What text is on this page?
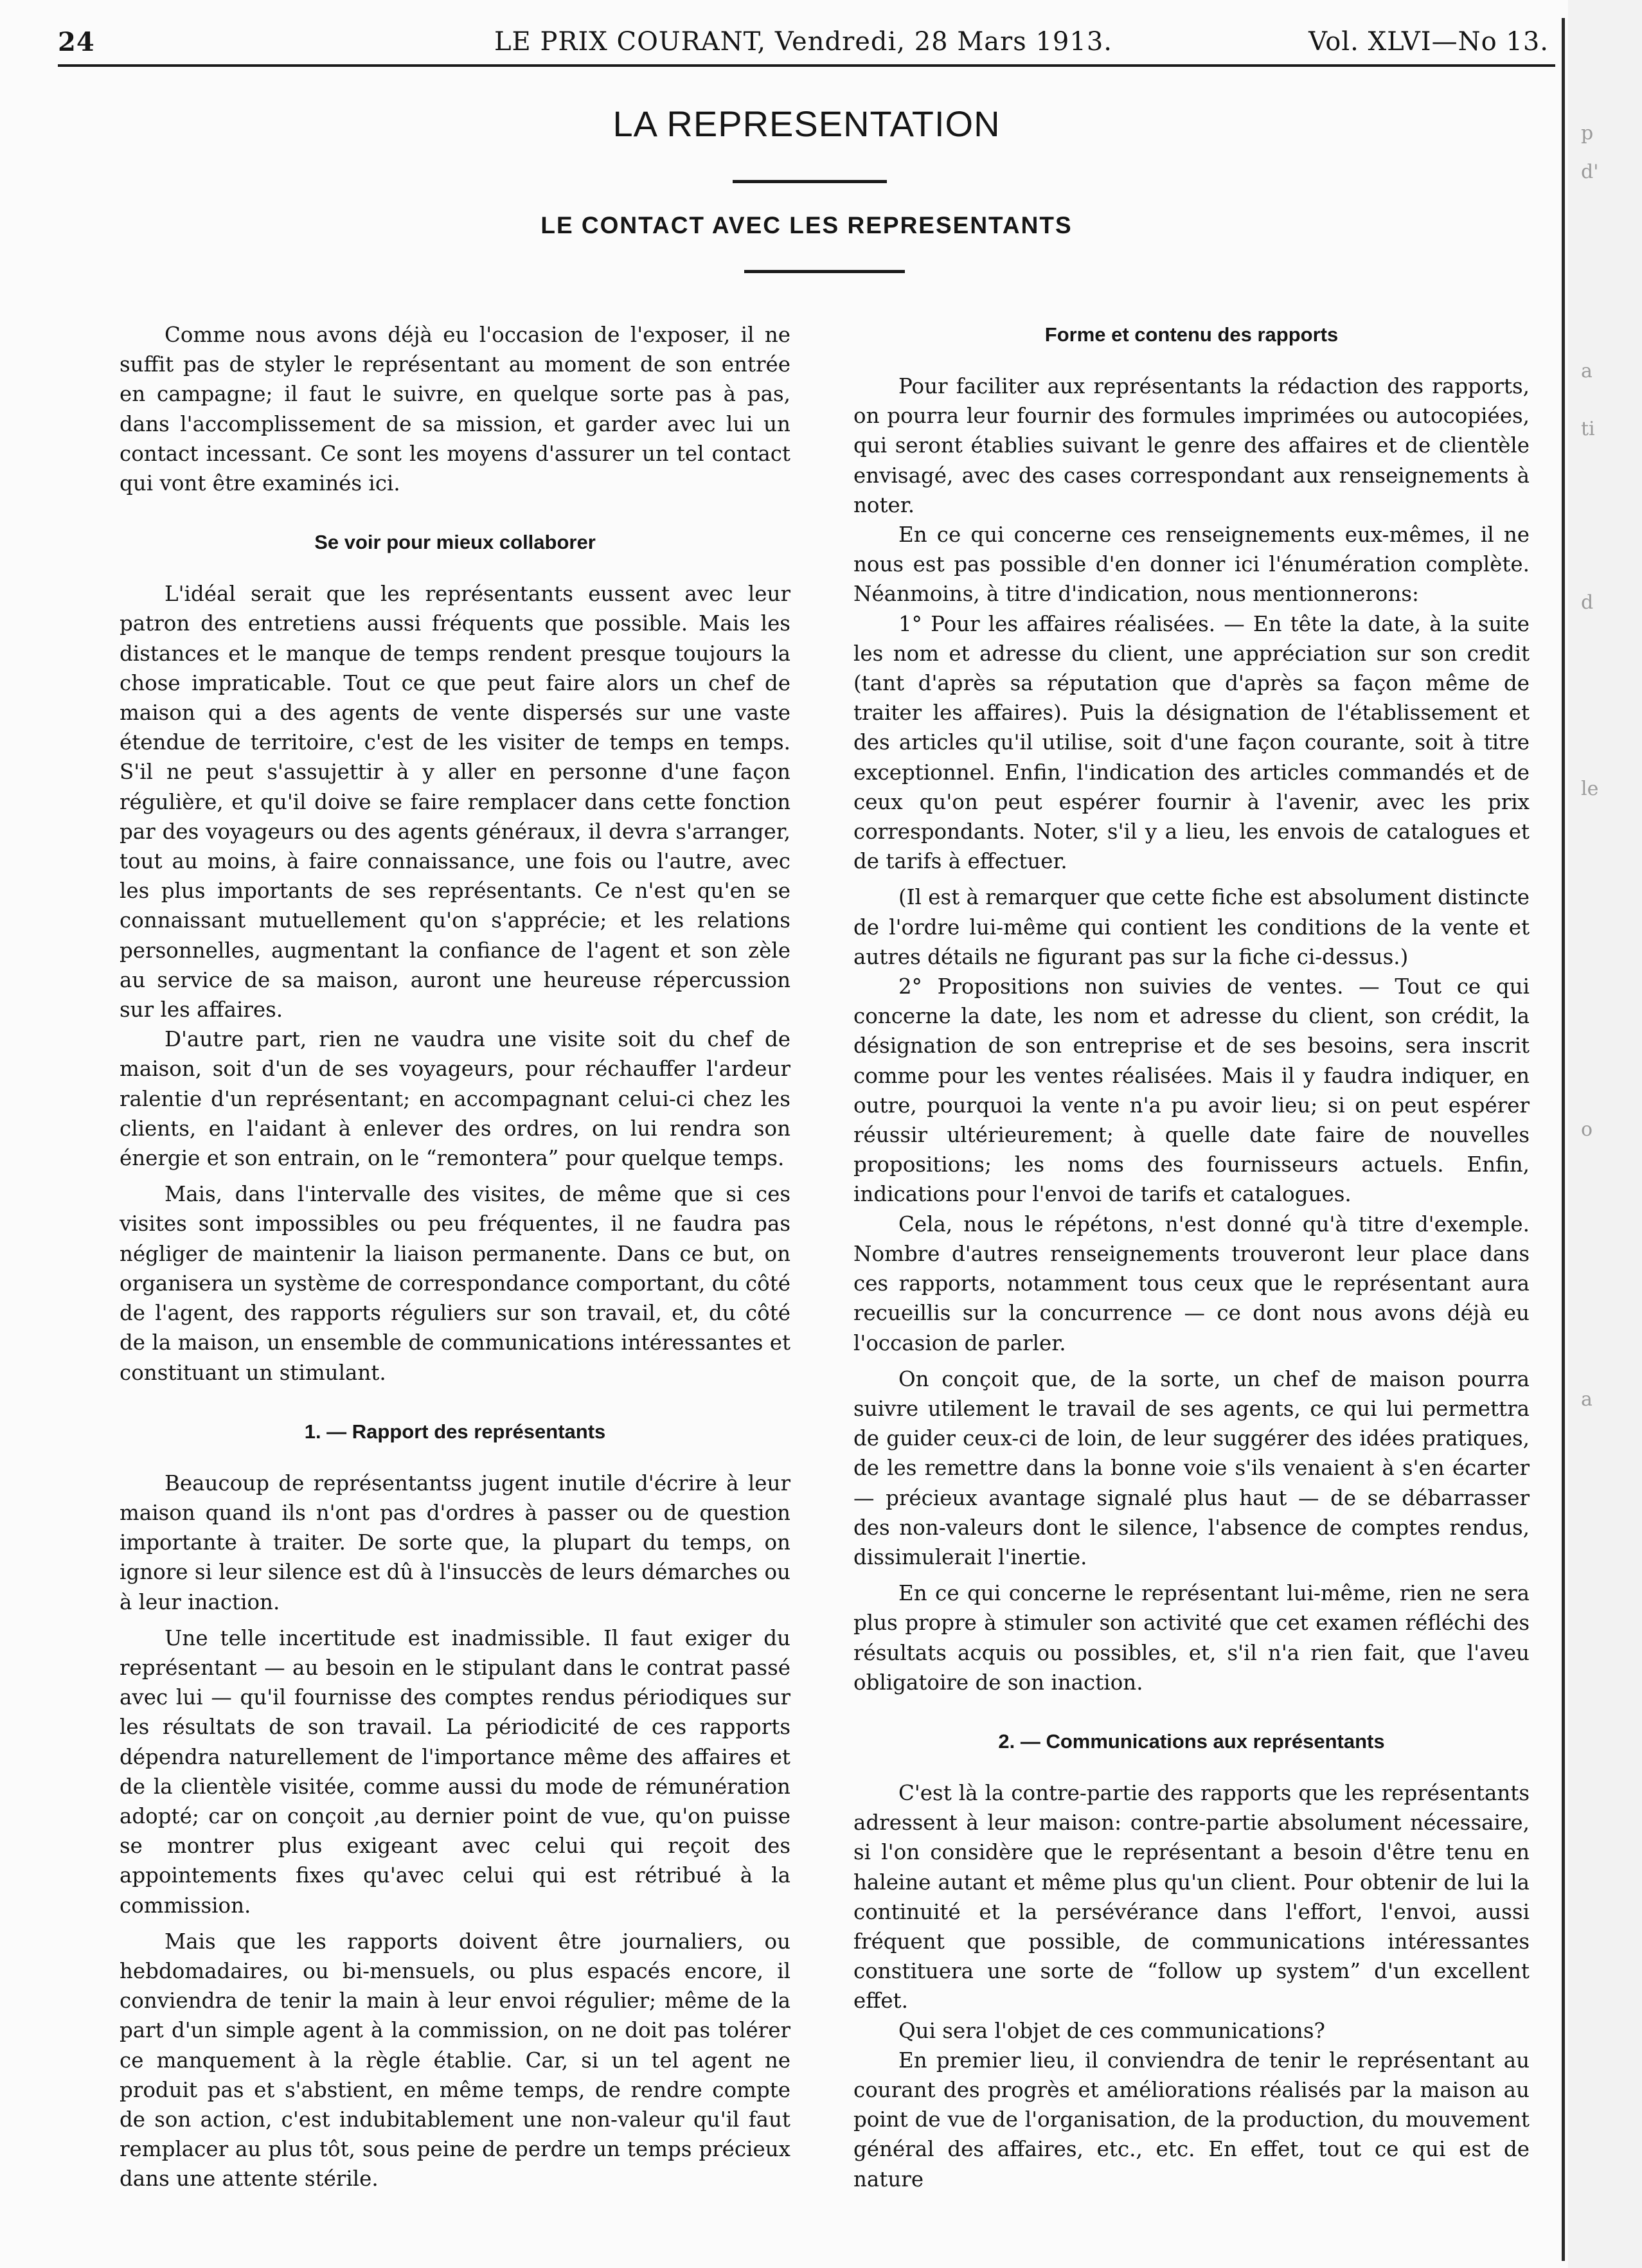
p
d'
a
ti
d
le
o
a
24	LE PRIX COURANT, Vendredi, 28 Mars 1913.	Vol. XLVI—No 13.
LA REPRESENTATION
LE CONTACT AVEC LES REPRESENTANTS

Comme nous avons déjà eu l'occasion de l'exposer, il ne suffit pas de styler le représentant au moment de son entrée en campagne; il faut le suivre, en quelque sorte pas à pas, dans l'accomplissement de sa mission, et garder avec lui un contact incessant. Ce sont les moyens d'assurer un tel contact qui vont être examinés ici.

Se voir pour mieux collaborer

L'idéal serait que les représentants eussent avec leur patron des entretiens aussi fréquents que possible. Mais les distances et le manque de temps rendent presque toujours la chose impraticable. Tout ce que peut faire alors un chef de maison qui a des agents de vente dispersés sur une vaste étendue de territoire, c'est de les visiter de temps en temps. S'il ne peut s'assujettir à y aller en personne d'une façon régulière, et qu'il doive se faire remplacer dans cette fonction par des voyageurs ou des agents généraux, il devra s'arranger, tout au moins, à faire connaissance, une fois ou l'autre, avec les plus importants de ses représentants. Ce n'est qu'en se connaissant mutuellement qu'on s'apprécie; et les relations personnelles, augmentant la confiance de l'agent et son zèle au service de sa maison, auront une heureuse répercussion sur les affaires.

D'autre part, rien ne vaudra une visite soit du chef de maison, soit d'un de ses voyageurs, pour réchauffer l'ardeur ralentie d'un représentant; en accompagnant celui-ci chez les clients, en l'aidant à enlever des ordres, on lui rendra son énergie et son entrain, on le “remontera” pour quelque temps.

Mais, dans l'intervalle des visites, de même que si ces visites sont impossibles ou peu fréquentes, il ne faudra pas négliger de maintenir la liaison permanente. Dans ce but, on organisera un système de correspondance comportant, du côté de l'agent, des rapports réguliers sur son travail, et, du côté de la maison, un ensemble de communications intéressantes et constituant un stimulant.

1. — Rapport des représentants

Beaucoup de représentantss jugent inutile d'écrire à leur maison quand ils n'ont pas d'ordres à passer ou de question importante à traiter. De sorte que, la plupart du temps, on ignore si leur silence est dû à l'insuccès de leurs démarches ou à leur inaction.

Une telle incertitude est inadmissible. Il faut exiger du représentant — au besoin en le stipulant dans le contrat passé avec lui — qu'il fournisse des comptes rendus périodiques sur les résultats de son travail. La périodicité de ces rapports dépendra naturellement de l'importance même des affaires et de la clientèle visitée, comme aussi du mode de rémunération adopté; car on conçoit ,au dernier point de vue, qu'on puisse se montrer plus exigeant avec celui qui reçoit des appointements fixes qu'avec celui qui est rétribué à la commission.

Mais que les rapports doivent être journaliers, ou hebdomadaires, ou bi-mensuels, ou plus espacés encore, il conviendra de tenir la main à leur envoi régulier; même de la part d'un simple agent à la commission, on ne doit pas tolérer ce manquement à la règle établie. Car, si un tel agent ne produit pas et s'abstient, en même temps, de rendre compte de son action, c'est indubitablement une non-valeur qu'il faut remplacer au plus tôt, sous peine de perdre un temps précieux dans une attente stérile.

Forme et contenu des rapports

Pour faciliter aux représentants la rédaction des rapports, on pourra leur fournir des formules imprimées ou autocopiées, qui seront établies suivant le genre des affaires et de clientèle envisagé, avec des cases correspondant aux renseignements à noter.

En ce qui concerne ces renseignements eux-mêmes, il ne nous est pas possible d'en donner ici l'énumération complète. Néanmoins, à titre d'indication, nous mentionnerons:

1° Pour les affaires réalisées. — En tête la date, à la suite les nom et adresse du client, une appréciation sur son credit (tant d'après sa réputation que d'après sa façon même de traiter les affaires). Puis la désignation de l'établissement et des articles qu'il utilise, soit d'une façon courante, soit à titre exceptionnel. Enfin, l'indication des articles commandés et de ceux qu'on peut espérer fournir à l'avenir, avec les prix correspondants. Noter, s'il y a lieu, les envois de catalogues et de tarifs à effectuer.

(Il est à remarquer que cette fiche est absolument distincte de l'ordre lui-même qui contient les conditions de la vente et autres détails ne figurant pas sur la fiche ci-dessus.)

2° Propositions non suivies de ventes. — Tout ce qui concerne la date, les nom et adresse du client, son crédit, la désignation de son entreprise et de ses besoins, sera inscrit comme pour les ventes réalisées. Mais il y faudra indiquer, en outre, pourquoi la vente n'a pu avoir lieu; si on peut espérer réussir ultérieurement; à quelle date faire de nouvelles propositions; les noms des fournisseurs actuels. Enfin, indications pour l'envoi de tarifs et catalogues.

Cela, nous le répétons, n'est donné qu'à titre d'exemple. Nombre d'autres renseignements trouveront leur place dans ces rapports, notamment tous ceux que le représentant aura recueillis sur la concurrence — ce dont nous avons déjà eu l'occasion de parler.

On conçoit que, de la sorte, un chef de maison pourra suivre utilement le travail de ses agents, ce qui lui permettra de guider ceux-ci de loin, de leur suggérer des idées pratiques, de les remettre dans la bonne voie s'ils venaient à s'en écarter — précieux avantage signalé plus haut — de se débarrasser des non-valeurs dont le silence, l'absence de comptes rendus, dissimulerait l'inertie.

En ce qui concerne le représentant lui-même, rien ne sera plus propre à stimuler son activité que cet examen réfléchi des résultats acquis ou possibles, et, s'il n'a rien fait, que l'aveu obligatoire de son inaction.

2. — Communications aux représentants

C'est là la contre-partie des rapports que les représentants adressent à leur maison: contre-partie absolument nécessaire, si l'on considère que le représentant a besoin d'être tenu en haleine autant et même plus qu'un client. Pour obtenir de lui la continuité et la persévérance dans l'effort, l'envoi, aussi fréquent que possible, de communications intéressantes constituera une sorte de “follow up system” d'un excellent effet.

Qui sera l'objet de ces communications?

En premier lieu, il conviendra de tenir le représentant au courant des progrès et améliorations réalisés par la maison au point de vue de l'organisation, de la production, du mouvement général des affaires, etc., etc. En effet, tout ce qui est de nature
